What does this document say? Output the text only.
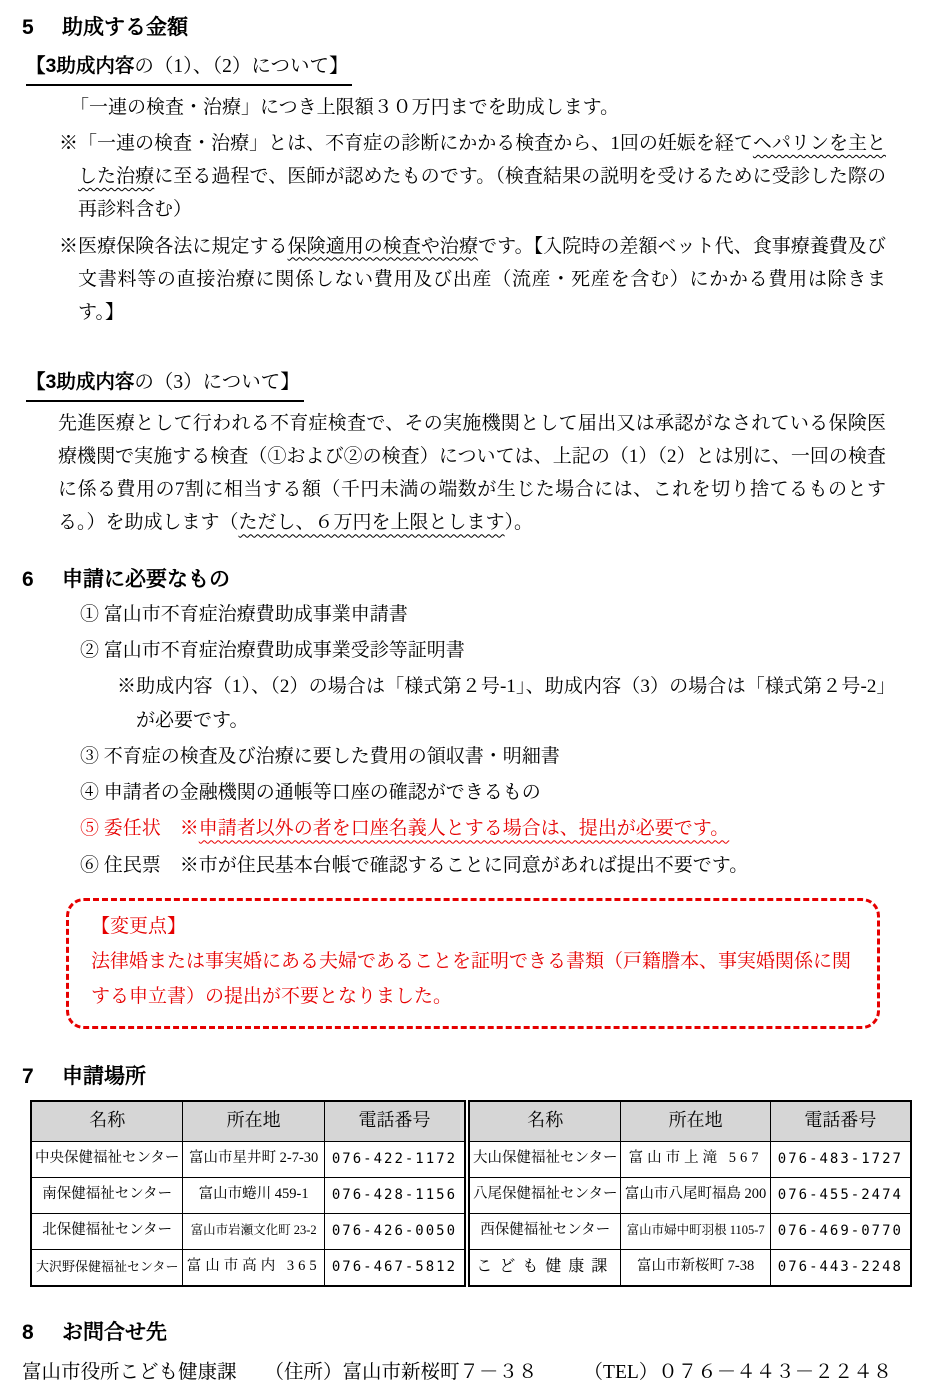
5	助成する金額
【3助成内容の（1）、（2）について】

「一連の検査・治療」につき上限額３０万円までを助成します。

※「一連の検査・治療」とは、不育症の診断にかかる検査から、1回の妊娠を経てヘパリンを主とした治療に至る過程で、医師が認めたものです。（検査結果の説明を受けるために受診した際の再診料含む）

※医療保険各法に規定する保険適用の検査や治療です。【入院時の差額ベット代、食事療養費及び文書料等の直接治療に関係しない費用及び出産（流産・死産を含む）にかかる費用は除きます。】

【3助成内容の（3）について】

先進医療として行われる不育症検査で、その実施機関として届出又は承認がなされている保険医療機関で実施する検査（①および②の検査）については、上記の（1）（2）とは別に、一回の検査に係る費用の7割に相当する額（千円未満の端数が生じた場合には、これを切り捨てるものとする。）を助成します（ただし、６万円を上限とします）。

6	申請に必要なもの

① 富山市不育症治療費助成事業申請書

② 富山市不育症治療費助成事業受診等証明書

※助成内容（1）、（2）の場合は「様式第２号-1」、助成内容（3）の場合は「様式第２号-2」が必要です。

③ 不育症の検査及び治療に要した費用の領収書・明細書

④ 申請者の金融機関の通帳等口座の確認ができるもの

⑤ 委任状　※申請者以外の者を口座名義人とする場合は、提出が必要です。

⑥ 住民票　※市が住民基本台帳で確認することに同意があれば提出不要です。

【変更点】
法律婚または事実婚にある夫婦であることを証明できる書類（戸籍謄本、事実婚関係に関する申立書）の提出が不要となりました。
7	申請場所
名称	所在地	電話番号
中央保健福祉センター	富山市星井町 2-7-30	076-422-1172
南保健福祉センター	富山市蜷川 459-1	076-428-1156
北保健福祉センター	富山市岩瀬文化町 23-2	076-426-0050
大沢野保健福祉センター	富山市高内 365	076-467-5812
名称	所在地	電話番号
大山保健福祉センター	富山市上滝 567	076-483-1727
八尾保健福祉センター	富山市八尾町福島 200	076-455-2474
西保健福祉センター	富山市婦中町羽根 1105-7	076-469-0770
こども健康課	富山市新桜町 7-38	076-443-2248
8	お問合せ先

富山市役所こども健康課 （住所）富山市新桜町７－３８ （TEL）０７６－４４３－２２４８
